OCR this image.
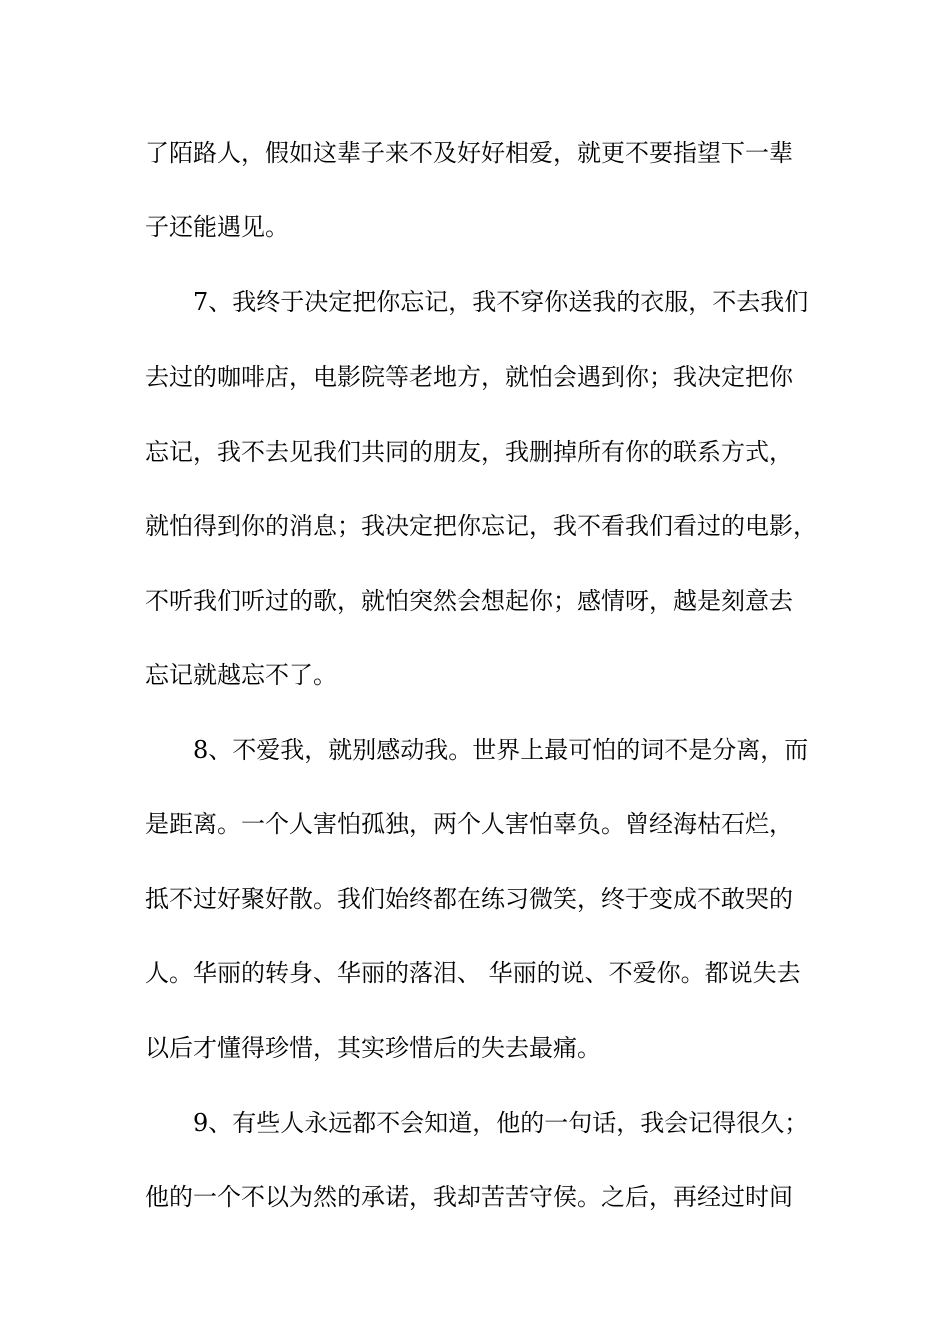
了陌路人，假如这辈子来不及好好相爱，就更不要指望下一辈
子还能遇见。
7、我终于决定把你忘记，我不穿你送我的衣服，不去我们
去过的咖啡店，电影院等老地方，就怕会遇到你；我决定把你
忘记，我不去见我们共同的朋友，我删掉所有你的联系方式，
就怕得到你的消息；我决定把你忘记，我不看我们看过的电影，
不听我们听过的歌，就怕突然会想起你；感情呀，越是刻意去
忘记就越忘不了。
8、不爱我，就别感动我。世界上最可怕的词不是分离，而
是距离。一个人害怕孤独，两个人害怕辜负。曾经海枯石烂，
抵不过好聚好散。我们始终都在练习微笑，终于变成不敢哭的
人。华丽的转身、华丽的落泪、 华丽的说、不爱你。都说失去
以后才懂得珍惜，其实珍惜后的失去最痛。
9、有些人永远都不会知道，他的一句话，我会记得很久；
他的一个不以为然的承诺，我却苦苦守侯。之后，再经过时间
